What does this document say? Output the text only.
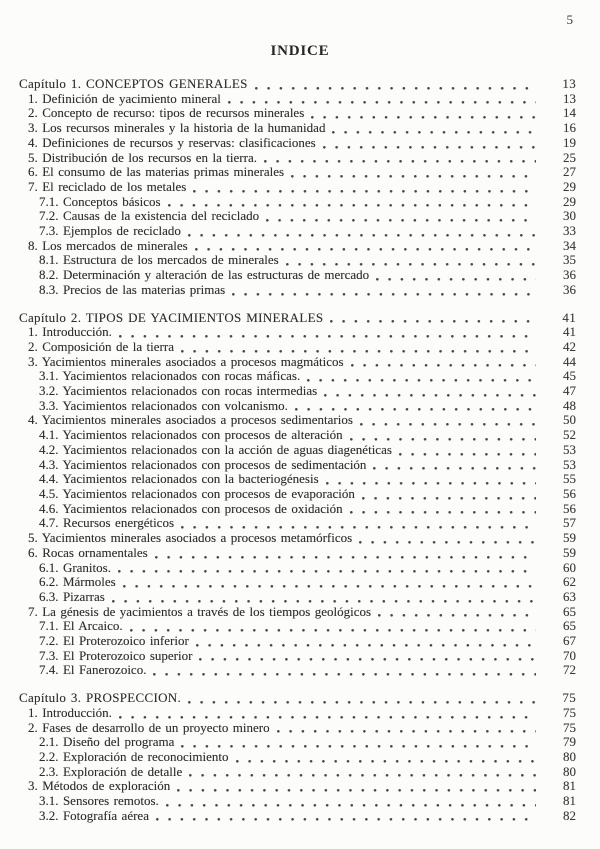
5
INDICE
Capítulo 1. CONCEPTOS GENERALES	13
1. Definición de yacimiento mineral	13
2. Concepto de recurso: tipos de recursos minerales	14
3. Los recursos minerales y la historia de la humanidad	16
4. Definiciones de recursos y reservas: clasificaciones	19
5. Distribución de los recursos en la tierra.	25
6. El consumo de las materias primas minerales	27
7. El reciclado de los metales	29
7.1. Conceptos básicos	29
7.2. Causas de la existencia del reciclado	30
7.3. Ejemplos de reciclado	33
8. Los mercados de minerales	34
8.1. Estructura de los mercados de minerales	35
8.2. Determinación y alteración de las estructuras de mercado	36
8.3. Precios de las materias primas	36
Capítulo 2. TIPOS DE YACIMIENTOS MINERALES	41
1. Introducción.	41
2. Composición de la tierra	42
3. Yacimientos minerales asociados a procesos magmáticos	44
3.1. Yacimientos relacionados con rocas máficas.	45
3.2. Yacimientos relacionados con rocas intermedias	47
3.3. Yacimientos relacionados con volcanismo.	48
4. Yacimientos minerales asociados a procesos sedimentarios	50
4.1. Yacimientos relacionados con procesos de alteración	52
4.2. Yacimientos relacionados con la acción de aguas diagenéticas	53
4.3. Yacimientos relacionados con procesos de sedimentación	53
4.4. Yacimientos relacionados con la bacteriogénesis	55
4.5. Yacimientos relacionados con procesos de evaporación	56
4.6. Yacimientos relacionados con procesos de oxidación	56
4.7. Recursos energéticos	57
5. Yacimientos minerales asociados a procesos metamórficos	59
6. Rocas ornamentales	59
6.1. Granitos.	60
6.2. Mármoles	62
6.3. Pizarras	63
7. La génesis de yacimientos a través de los tiempos geológicos	65
7.1. El Arcaico.	65
7.2. El Proterozoico inferior	67
7.3. El Proterozoico superior	70
7.4. El Fanerozoico.	72
Capítulo 3. PROSPECCION.	75
1. Introducción.	75
2. Fases de desarrollo de un proyecto minero	75
2.1. Diseño del programa	79
2.2. Exploración de reconocimiento	80
2.3. Exploración de detalle	80
3. Métodos de exploración	81
3.1. Sensores remotos.	81
3.2. Fotografía aérea	82
